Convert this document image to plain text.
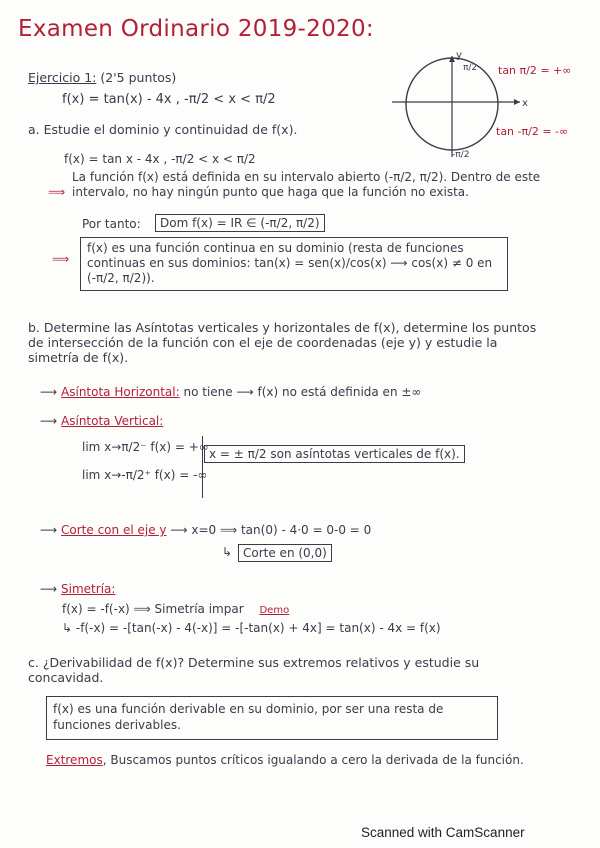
Examen Ordinario 2019-2020:
Ejercicio 1: (2'5 puntos)
f(x) = tan(x) - 4x , -π/2 < x < π/2
y
x
π/2
-π/2
tan π/2 = +∞
tan -π/2 = -∞
a. Estudie el dominio y continuidad de f(x).
f(x) = tan x - 4x , -π/2 < x < π/2
⟹
La función f(x) está definida en su intervalo abierto (-π/2, π/2). Dentro de este intervalo, no hay ningún punto que haga que la función no exista.
Por tanto:	Dom f(x) = IR ∈ (-π/2, π/2)
⟹
f(x) es una función continua en su dominio (resta de funciones continuas en sus dominios: tan(x) = sen(x)/cos(x) ⟶ cos(x) ≠ 0 en (-π/2, π/2)).
b. Determine las Asíntotas verticales y horizontales de f(x), determine los puntos de intersección de la función con el eje de coordenadas (eje y) y estudie la simetría de f(x).
⟶ Asíntota Horizontal: no tiene ⟶ f(x) no está definida en ±∞
⟶ Asíntota Vertical:
lim x→π/2⁻ f(x) = +∞
lim x→-π/2⁺ f(x) = -∞
x = ± π/2 son asíntotas verticales de f(x).
⟶ Corte con el eje y ⟶ x=0 ⟹ tan(0) - 4·0 = 0-0 = 0
↳ Corte en (0,0)
⟶ Simetría:
f(x) = -f(-x) ⟹ Simetría impar Demo
↳ -f(-x) = -[tan(-x) - 4(-x)] = -[-tan(x) + 4x] = tan(x) - 4x = f(x)
c. ¿Derivabilidad de f(x)? Determine sus extremos relativos y estudie su concavidad.
f(x) es una función derivable en su dominio, por ser una resta de funciones derivables.
Extremos, Buscamos puntos críticos igualando a cero la derivada de la función.
Scanned with CamScanner
